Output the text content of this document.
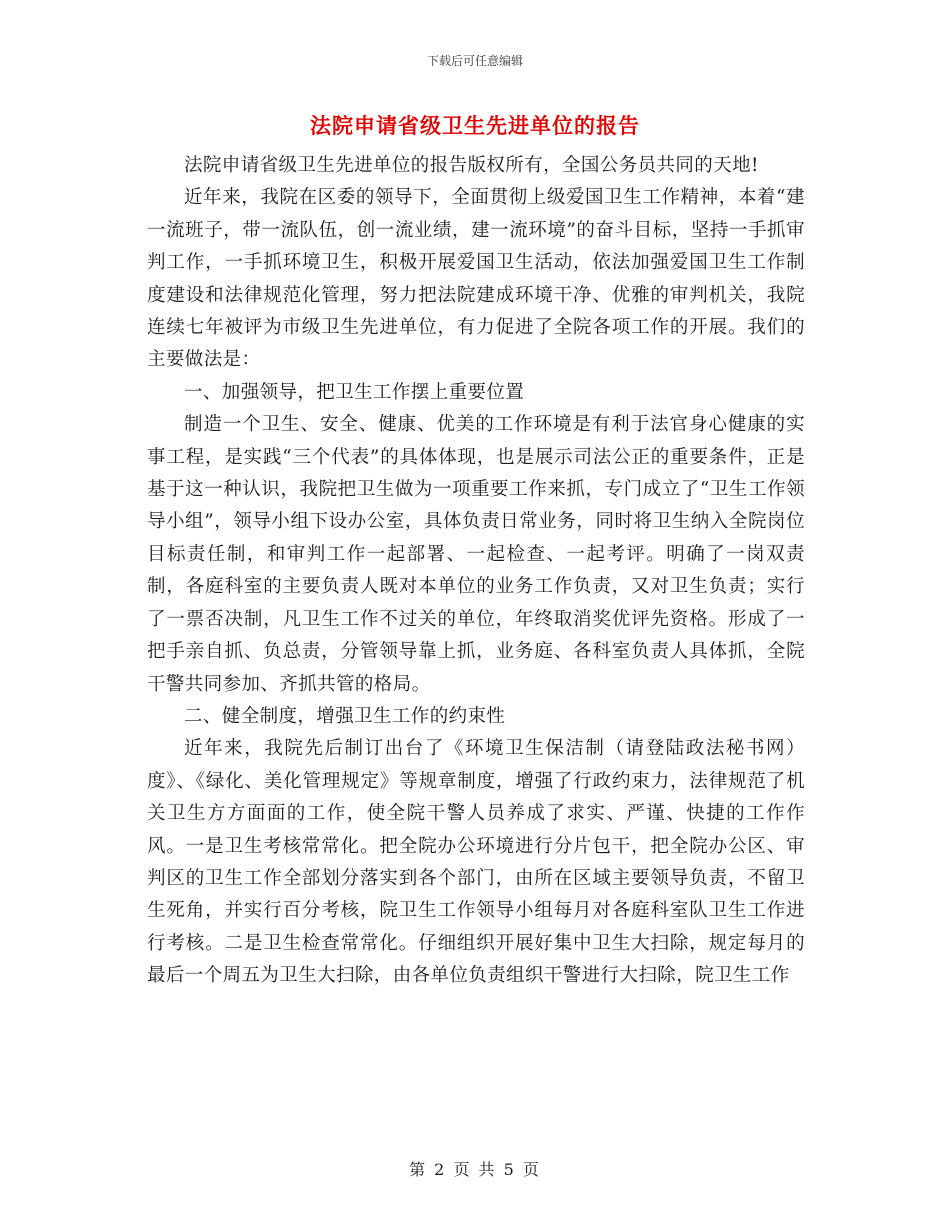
下载后可任意编辑
法院申请省级卫生先进单位的报告

法院申请省级卫生先进单位的报告版权所有，全国公务员共同的天地!

近年来，我院在区委的领导下，全面贯彻上级爱国卫生工作精神，本着“建一流班子，带一流队伍，创一流业绩，建一流环境”的奋斗目标，坚持一手抓审判工作，一手抓环境卫生，积极开展爱国卫生活动，依法加强爱国卫生工作制度建设和法律规范化管理，努力把法院建成环境干净、优雅的审判机关，我院连续七年被评为市级卫生先进单位，有力促进了全院各项工作的开展。我们的主要做法是：

一、加强领导，把卫生工作摆上重要位置

制造一个卫生、安全、健康、优美的工作环境是有利于法官身心健康的实事工程，是实践“三个代表”的具体体现，也是展示司法公正的重要条件，正是基于这一种认识，我院把卫生做为一项重要工作来抓，专门成立了“卫生工作领导小组”，领导小组下设办公室，具体负责日常业务，同时将卫生纳入全院岗位目标责任制，和审判工作一起部署、一起检查、一起考评。明确了一岗双责制，各庭科室的主要负责人既对本单位的业务工作负责，又对卫生负责；实行了一票否决制，凡卫生工作不过关的单位，年终取消奖优评先资格。形成了一把手亲自抓、负总责，分管领导靠上抓，业务庭、各科室负责人具体抓，全院干警共同参加、齐抓共管的格局。

二、健全制度，增强卫生工作的约束性

近年来，我院先后制订出台了《环境卫生保洁制（请登陆政法秘书网）度》、《绿化、美化管理规定》等规章制度，增强了行政约束力，法律规范了机关卫生方方面面的工作，使全院干警人员养成了求实、严谨、快捷的工作作风。一是卫生考核常常化。把全院办公环境进行分片包干，把全院办公区、审判区的卫生工作全部划分落实到各个部门，由所在区域主要领导负责，不留卫生死角，并实行百分考核，院卫生工作领导小组每月对各庭科室队卫生工作进行考核。二是卫生检查常常化。仔细组织开展好集中卫生大扫除，规定每月的最后一个周五为卫生大扫除，由各单位负责组织干警进行大扫除，院卫生工作

第 2 页 共 5 页
